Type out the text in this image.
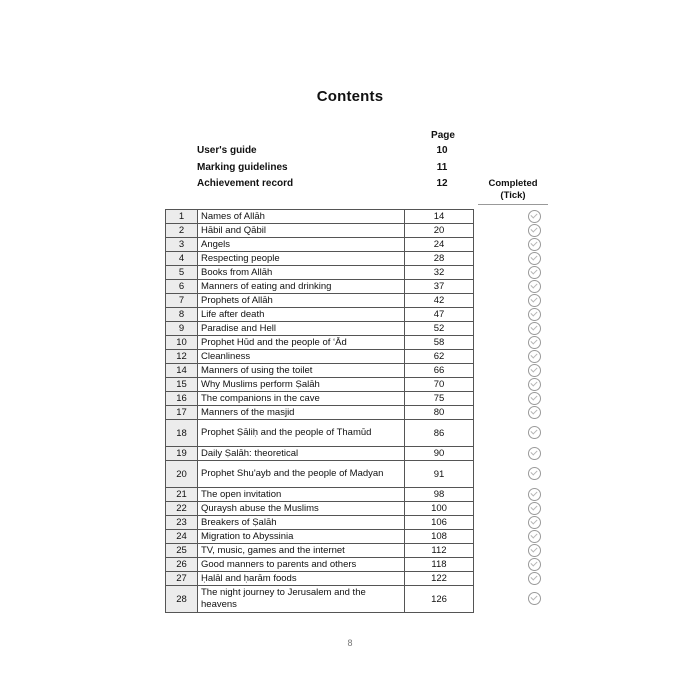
Contents
Page
User's guide	10
Marking guidelines	11
Achievement record	12	Completed
(Tick)
1	Names of Allāh	14	
2	Hābil and Qābil	20	
3	Angels	24	
4	Respecting people	28	
5	Books from Allāh	32	
6	Manners of eating and drinking	37	
7	Prophets of Allāh	42	
8	Life after death	47	
9	Paradise and Hell	52	
10	Prophet Hūd and the people of ‘Ād	58	
12	Cleanliness	62	
14	Manners of using the toilet	66	
15	Why Muslims perform Ṣalāh	70	
16	The companions in the cave	75	
17	Manners of the masjid	80	
18	Prophet Ṣāliḥ and the people of Thamūd	86	
19	Daily Ṣalāh: theoretical	90	
20	Prophet Shu'ayb and the people of Madyan	91	
21	The open invitation	98	
22	Quraysh abuse the Muslims	100	
23	Breakers of Ṣalāh	106	
24	Migration to Abyssinia	108	
25	TV, music, games and the internet	112	
26	Good manners to parents and others	118	
27	Ḥalāl and ḥarām foods	122	
28	The night journey to Jerusalem and the heavens	126	
8
